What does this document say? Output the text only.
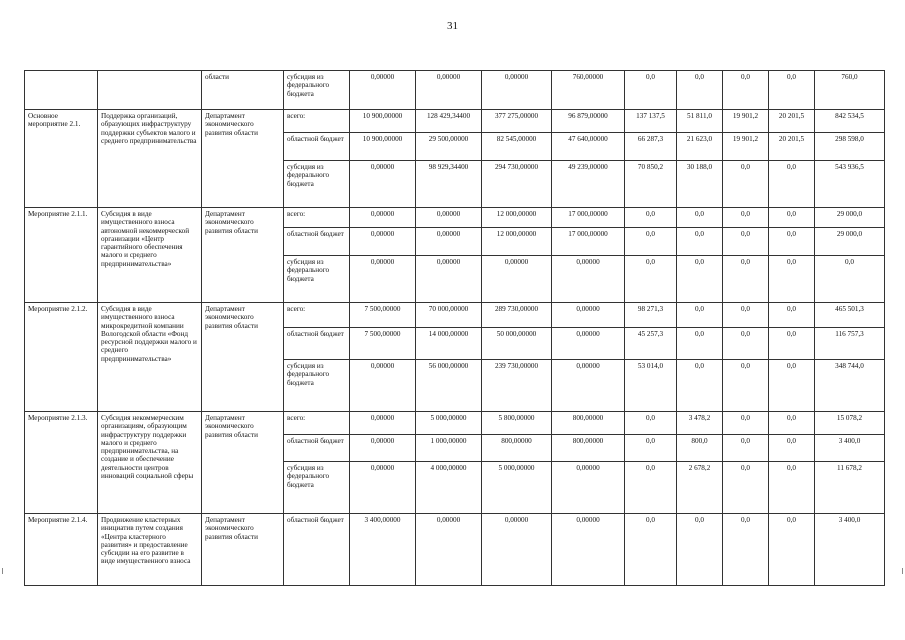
31
		области	субсидия из федерального бюджета	0,00000	0,00000	0,00000	760,00000	0,0	0,0	0,0	0,0	760,0
Основное мероприятие 2.1.	Поддержка организаций, образующих инфраструктуру поддержки субъектов малого и среднего предпринимательства	Департамент экономического развития области	всего:	10 900,00000	128 429,34400	377 275,00000	96 879,00000	137 137,5	51 811,0	19 901,2	20 201,5	842 534,5
			областной бюджет	10 900,00000	29 500,00000	82 545,00000	47 640,00000	66 287,3	21 623,0	19 901,2	20 201,5	298 598,0
			субсидия из федерального бюджета	0,00000	98 929,34400	294 730,00000	49 239,00000	70 850,2	30 188,0	0,0	0,0	543 936,5
Мероприятие 2.1.1.	Субсидия в виде имущественного взноса автономной некоммерческой организации «Центр гарантийного обеспечения малого и среднего предпринимательства»	Департамент экономического развития области	всего:	0,00000	0,00000	12 000,00000	17 000,00000	0,0	0,0	0,0	0,0	29 000,0
			областной бюджет	0,00000	0,00000	12 000,00000	17 000,00000	0,0	0,0	0,0	0,0	29 000,0
			субсидия из федерального бюджета	0,00000	0,00000	0,00000	0,00000	0,0	0,0	0,0	0,0	0,0
Мероприятие 2.1.2.	Субсидия в виде имущественного взноса микрокредитной компании Вологодской области «Фонд ресурсной поддержки малого и среднего предпринимательства»	Департамент экономического развития области	всего:	7 500,00000	70 000,00000	289 730,00000	0,00000	98 271,3	0,0	0,0	0,0	465 501,3
			областной бюджет	7 500,00000	14 000,00000	50 000,00000	0,00000	45 257,3	0,0	0,0	0,0	116 757,3
			субсидия из федерального бюджета	0,00000	56 000,00000	239 730,00000	0,00000	53 014,0	0,0	0,0	0,0	348 744,0
Мероприятие 2.1.3.	Субсидия некоммерческим организациям, образующим инфраструктуру поддержки малого и среднего предпринимательства, на создание и обеспечение деятельности центров инноваций социальной сферы	Департамент экономического развития области	всего:	0,00000	5 000,00000	5 800,00000	800,00000	0,0	3 478,2	0,0	0,0	15 078,2
			областной бюджет	0,00000	1 000,00000	800,00000	800,00000	0,0	800,0	0,0	0,0	3 400,0
			субсидия из федерального бюджета	0,00000	4 000,00000	5 000,00000	0,00000	0,0	2 678,2	0,0	0,0	11 678,2
Мероприятие 2.1.4.	Продвижение кластерных инициатив путем создания «Центра кластерного развития» и предоставление субсидии на его развитие в виде имущественного взноса	Департамент экономического развития области	областной бюджет	3 400,00000	0,00000	0,00000	0,00000	0,0	0,0	0,0	0,0	3 400,0
